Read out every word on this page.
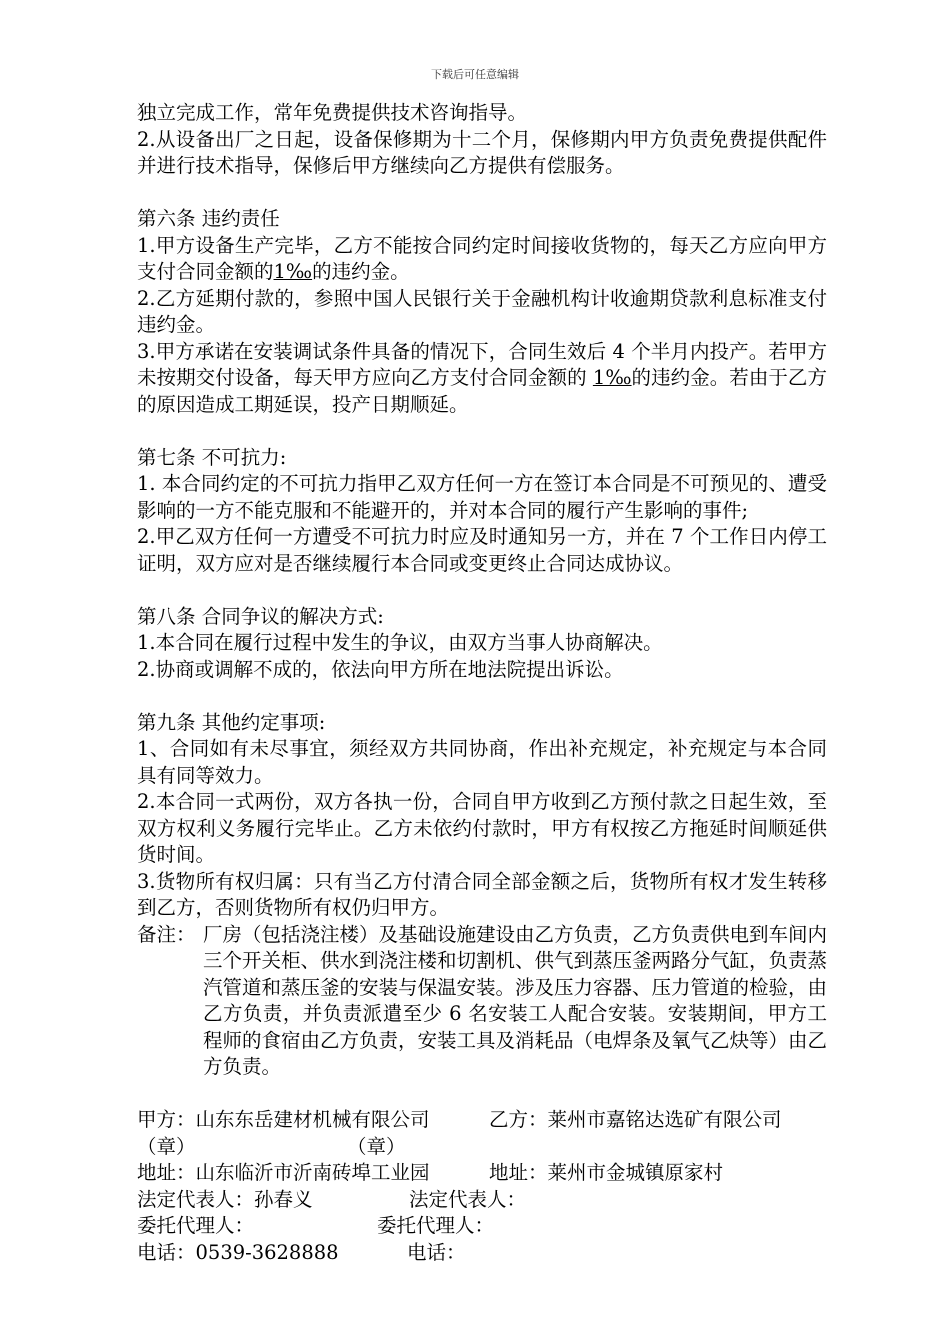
下载后可任意编辑

独立完成工作，常年免费提供技术咨询指导。

2.从设备出厂之日起，设备保修期为十二个月，保修期内甲方负责免费提供配件并进行技术指导，保修后甲方继续向乙方提供有偿服务。

第六条 违约责任

1.甲方设备生产完毕，乙方不能按合同约定时间接收货物的，每天乙方应向甲方支付合同金额的1‰的违约金。

2.乙方延期付款的，参照中国人民银行关于金融机构计收逾期贷款利息标准支付违约金。

3.甲方承诺在安装调试条件具备的情况下，合同生效后 4 个半月内投产。若甲方未按期交付设备，每天甲方应向乙方支付合同金额的 1‰的违约金。若由于乙方的原因造成工期延误，投产日期顺延。

第七条 不可抗力:

1. 本合同约定的不可抗力指甲乙双方任何一方在签订本合同是不可预见的、遭受影响的一方不能克服和不能避开的，并对本合同的履行产生影响的事件;

2.甲乙双方任何一方遭受不可抗力时应及时通知另一方，并在 7 个工作日内停工证明，双方应对是否继续履行本合同或变更终止合同达成协议。

第八条 合同争议的解决方式:

1.本合同在履行过程中发生的争议，由双方当事人协商解决。

2.协商或调解不成的，依法向甲方所在地法院提出诉讼。

第九条 其他约定事项:

1、合同如有未尽事宜，须经双方共同协商，作出补充规定，补充规定与本合同具有同等效力。

2.本合同一式两份，双方各执一份，合同自甲方收到乙方预付款之日起生效，至双方权利义务履行完毕止。乙方未依约付款时，甲方有权按乙方拖延时间顺延供货时间。

3.货物所有权归属：只有当乙方付清合同全部金额之后，货物所有权才发生转移到乙方，否则货物所有权仍归甲方。

备注： 厂房（包括浇注楼）及基础设施建设由乙方负责，乙方负责供电到车间内三个开关柜、供水到浇注楼和切割机、供气到蒸压釜两路分气缸，负责蒸汽管道和蒸压釜的安装与保温安装。涉及压力容器、压力管道的检验，由乙方负责，并负责派遣至少 6 名安装工人配合安装。安装期间，甲方工程师的食宿由乙方负责，安装工具及消耗品（电焊条及氧气乙炔等）由乙方负责。
甲方：山东东岳建材机械有限公司	乙方：莱州市嘉铭达选矿有限公司
（章）	（章）
地址：山东临沂市沂南砖埠工业园	地址：莱州市金城镇原家村
法定代表人：孙春义	法定代表人：
委托代理人：	委托代理人：
电话：0539-3628888	电话：
